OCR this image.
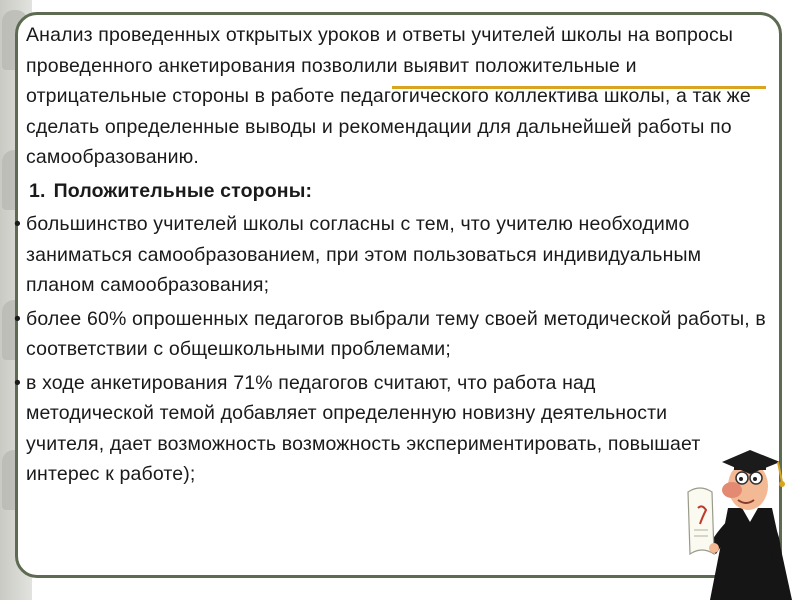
Анализ проведенных открытых уроков и ответы учителей школы на вопросы проведенного анкетирования позволили выявит положительные и отрицательные стороны в работе педагогического коллектива школы, а так же сделать определенные выводы и рекомендации для дальнейшей работы по самообразованию.

1. Положительные стороны:

• большинство учителей школы согласны с тем, что учителю необходимо заниматься самообразованием, при этом пользоваться индивидуальным планом самообразования;
• более 60% опрошенных педагогов выбрали тему своей методической работы, в соответствии с общешкольными проблемами;
• в ходе анкетирования 71% педагогов считают, что работа над методической темой добавляет определенную новизну деятельности учителя, дает возможность возможность экспериментировать, повышает интерес к работе);
